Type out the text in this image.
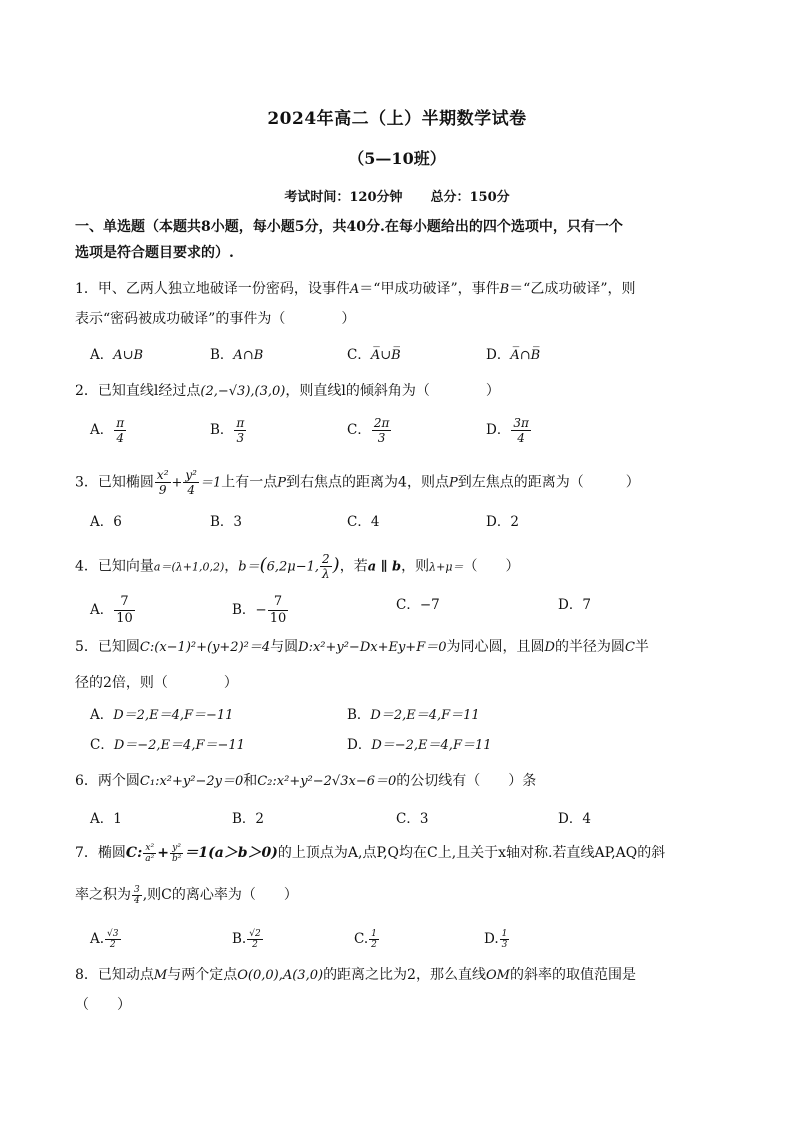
2024年高二（上）半期数学试卷
（5—10班）
考试时间：120分钟 总分：150分
一、单选题（本题共8小题，每小题5分，共40分.在每小题给出的四个选项中，只有一个
选项是符合题目要求的）.
1．甲、乙两人独立地破译一份密码，设事件A＝“甲成功破译”，事件B＝“乙成功破译”，则
表示“密码被成功破译”的事件为（　　　　）
A．A∪B	B．A∩B	C．A̅∪B̅	D．A̅∩B̅
2．已知直线l经过点(2,−√3),(3,0)，则直线l的倾斜角为（　　　　）
A． $\frac{\pi}{4}$	B． $\frac{\pi}{3}$	C． $\frac{2\pi}{3}$	D． $\frac{3\pi}{4}$
3．已知椭圆 $\frac{\text{x²}}{9} + \frac{\text{y²}}{4} =1$上有一点P到右焦点的距离为4，则点P到左焦点的距离为（　　　）
A．6	B．3	C．4	D．2
4．已知向量a＝(λ+1,0,2)，b＝(6,2μ−1, $\frac{2}{\lambda}$ )，若a ∥ b，则λ+μ＝（　　）
A． $\frac{7}{10}$	B．− $\frac{7}{10}$	C．−7	D．7
5．已知圆C:(x−1)²+(y+2)²＝4与圆D:x²+y²−Dx+Ey+F＝0为同心圆，且圆D的半径为圆C半
径的2倍，则（　　　　）
A．D＝2,E＝4,F＝−11	B．D＝2,E＝4,F＝11
C．D＝−2,E＝4,F＝−11	D．D＝−2,E＝4,F＝11
6．两个圆C₁:x²+y²−2y＝0和C₂:x²+y²−2√3x−6＝0的公切线有（　　）条
A．1	B．2	C．3	D．4
7．椭圆C: $\frac{\text{x²}}{\text{a²}} + \frac{\text{y²}}{\text{b²}} =1(a>b>0)$的上顶点为A,点P,Q均在C上,且关于x轴对称.若直线AP,AQ的斜
率之积为 $\frac{3}{4}$ ,则C的离心率为（　　）
A. $\frac{√3}{2}$	B. $\frac{√2}{2}$	C. $\frac{1}{2}$	D. $\frac{1}{3}$
8．已知动点M与两个定点O(0,0),A(3,0)的距离之比为2，那么直线OM的斜率的取值范围是
（　　）
